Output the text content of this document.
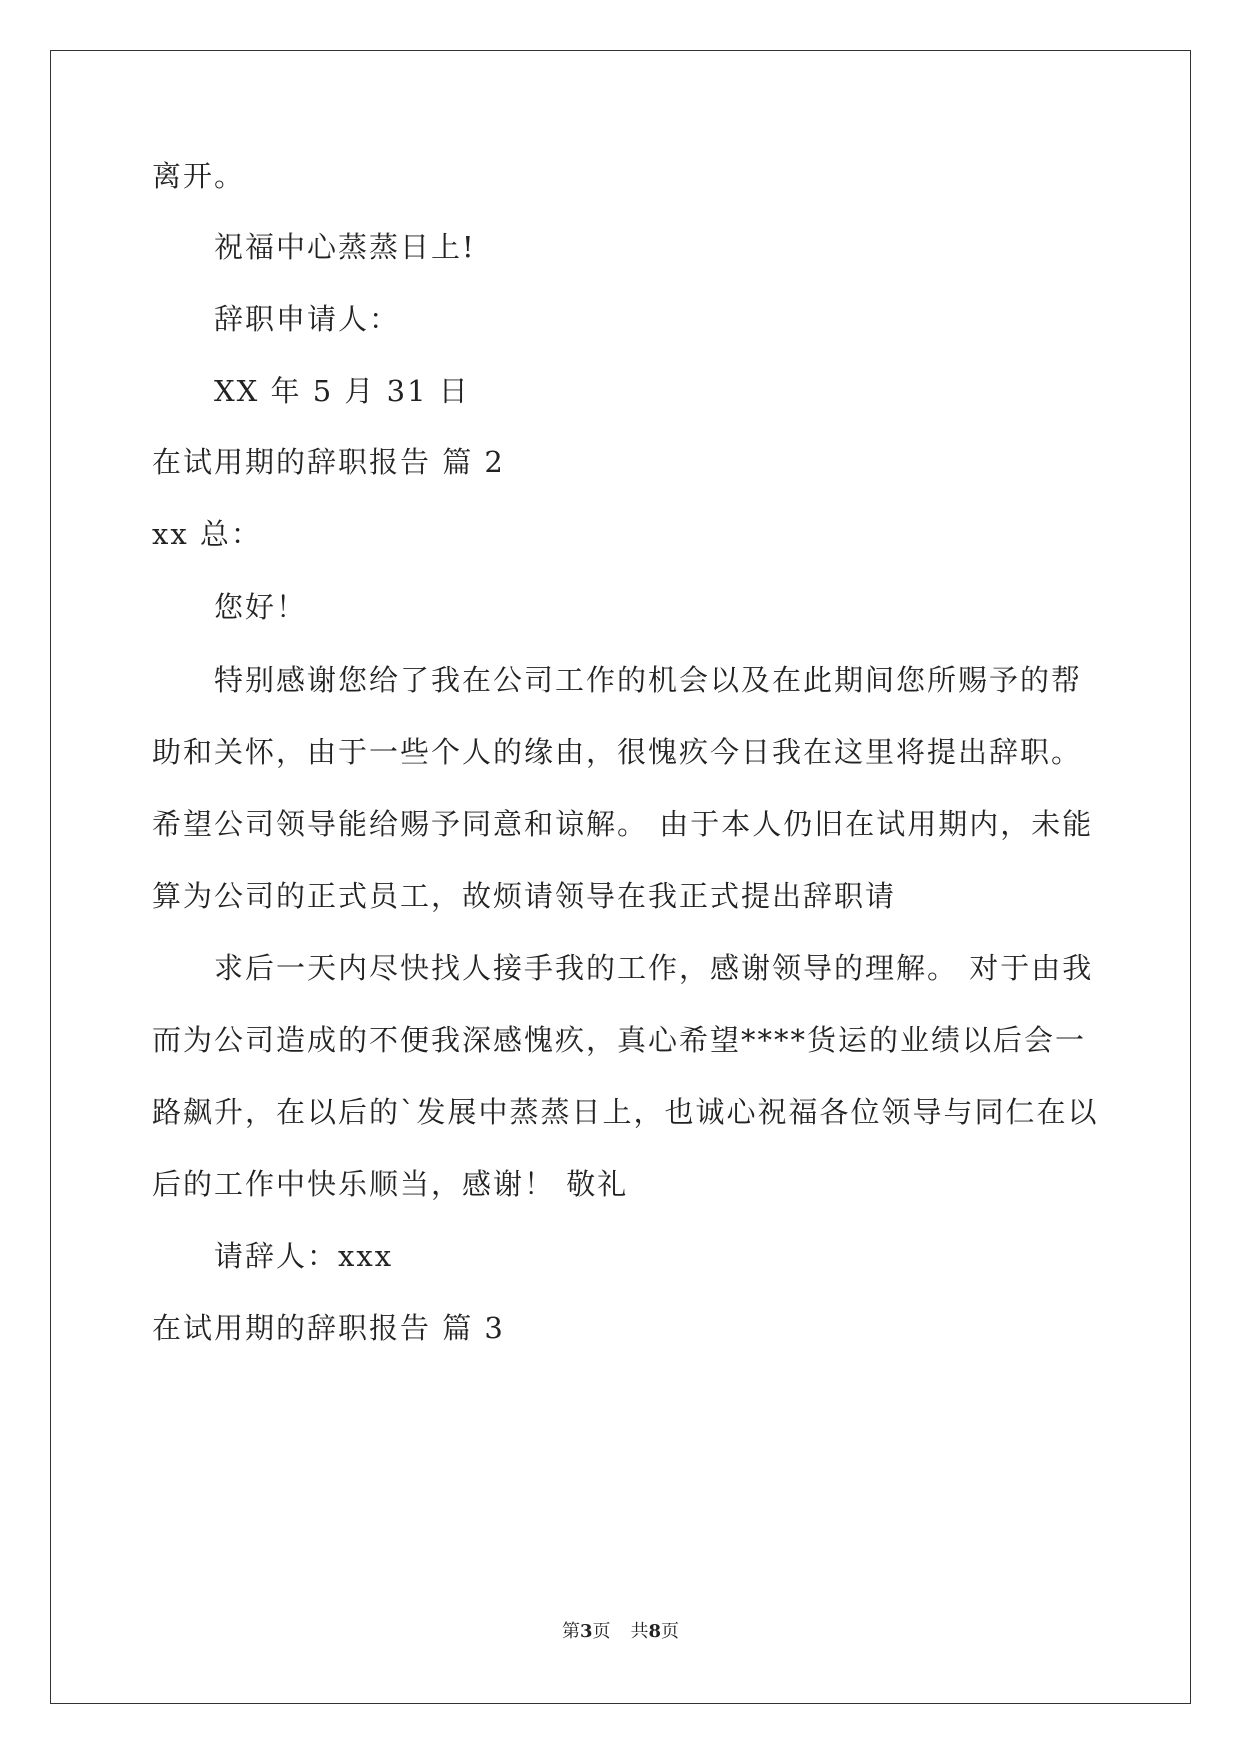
离开。
祝福中心蒸蒸日上!
辞职申请人：
XX 年 5 月 31 日
在试用期的辞职报告 篇 2
xx 总：
您好！
特别感谢您给了我在公司工作的机会以及在此期间您所赐予的帮
助和关怀，由于一些个人的缘由，很愧疚今日我在这里将提出辞职。
希望公司领导能给赐予同意和谅解。 由于本人仍旧在试用期内，未能
算为公司的正式员工，故烦请领导在我正式提出辞职请
求后一天内尽快找人接手我的工作，感谢领导的理解。 对于由我
而为公司造成的不便我深感愧疚，真心希望****货运的业绩以后会一
路飙升，在以后的`发展中蒸蒸日上，也诚心祝福各位领导与同仁在以
后的工作中快乐顺当，感谢！ 敬礼
请辞人：xxx
在试用期的辞职报告 篇 3
第3页 共8页
